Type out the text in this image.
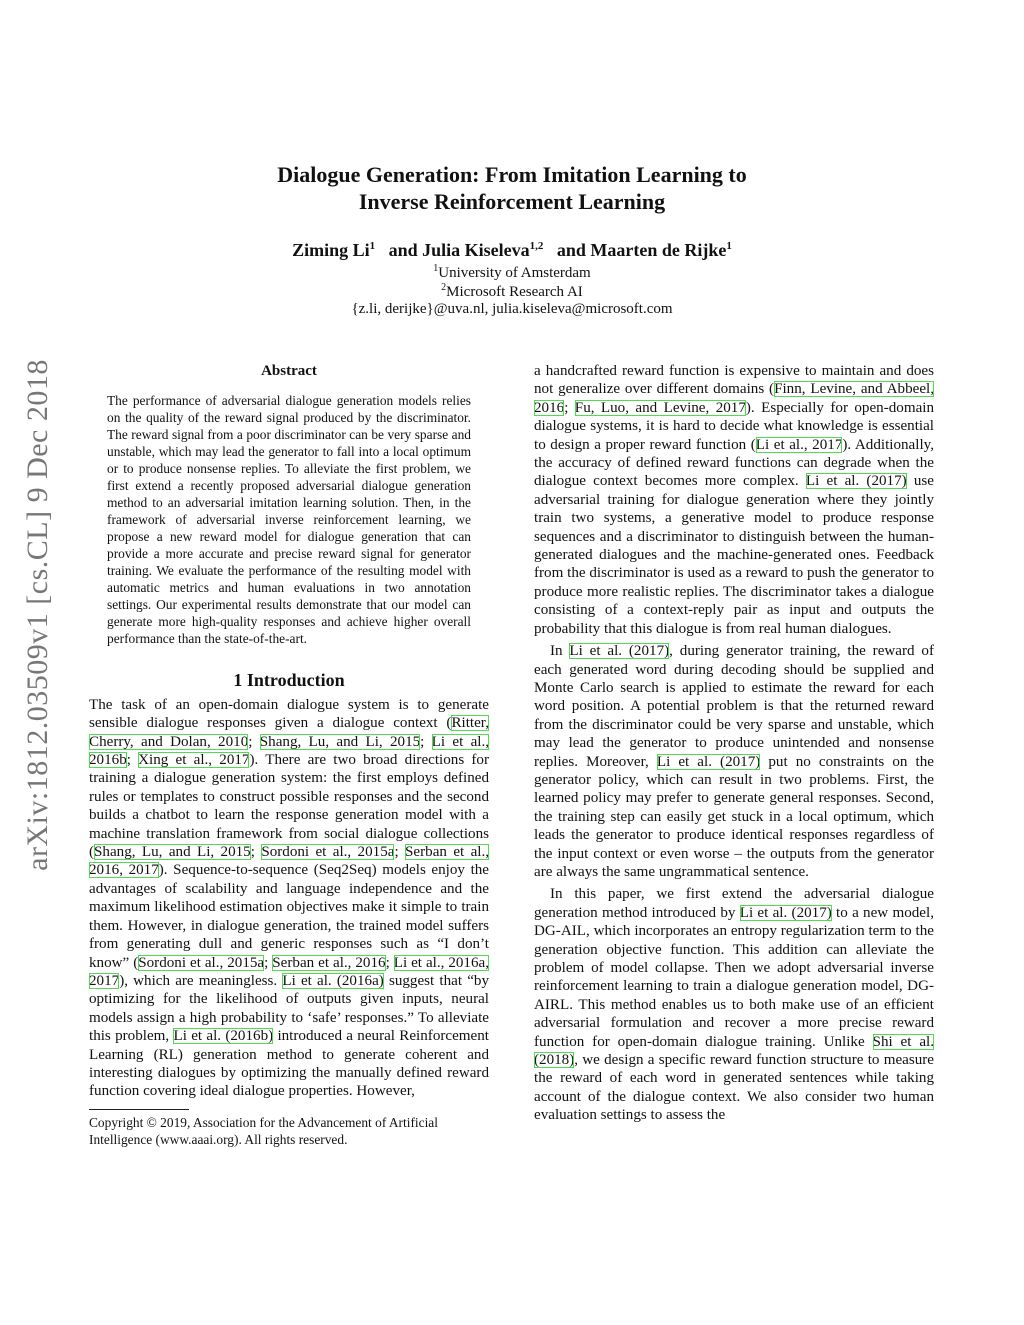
arXiv:1812.03509v1 [cs.CL] 9 Dec 2018
Dialogue Generation: From Imitation Learning to
Inverse Reinforcement Learning
Ziming Li$^1$ and Julia Kiseleva$^{1,2}$ and Maarten de Rijke$^1$
$^1$University of Amsterdam
$^2$Microsoft Research AI
{z.li, derijke}@uva.nl, julia.kiseleva@microsoft.com
Abstract
The performance of adversarial dialogue generation models relies on the quality of the reward signal produced by the discriminator. The reward signal from a poor discriminator can be very sparse and unstable, which may lead the generator to fall into a local optimum or to produce nonsense replies. To alleviate the first problem, we first extend a recently proposed adversarial dialogue generation method to an adversarial imitation learning solution. Then, in the framework of adversarial inverse reinforcement learning, we propose a new reward model for dialogue generation that can provide a more accurate and precise reward signal for generator training. We evaluate the performance of the resulting model with automatic metrics and human evaluations in two annotation settings. Our experimental results demonstrate that our model can generate more high-quality responses and achieve higher overall performance than the state-of-the-art.
1 Introduction

The task of an open-domain dialogue system is to generate sensible dialogue responses given a dialogue context (Ritter, Cherry, and Dolan, 2010; Shang, Lu, and Li, 2015; Li et al., 2016b; Xing et al., 2017). There are two broad directions for training a dialogue generation system: the first employs defined rules or templates to construct possible responses and the second builds a chatbot to learn the response generation model with a machine translation framework from social dialogue collections (Shang, Lu, and Li, 2015; Sordoni et al., 2015a; Serban et al., 2016, 2017). Sequence-to-sequence (Seq2Seq) models enjoy the advantages of scalability and language independence and the maximum likelihood estimation objectives make it simple to train them. However, in dialogue generation, the trained model suffers from generating dull and generic responses such as “I don’t know” (Sordoni et al., 2015a; Serban et al., 2016; Li et al., 2016a, 2017), which are meaningless. Li et al. (2016a) suggest that “by optimizing for the likelihood of outputs given inputs, neural models assign a high probability to ‘safe’ responses.” To alleviate this problem, Li et al. (2016b) introduced a neural Reinforcement Learning (RL) generation method to generate coherent and interesting dialogues by optimizing the manually defined reward function covering ideal dialogue properties. However,

Copyright © 2019, Association for the Advancement of Artificial Intelligence (www.aaai.org). All rights reserved.

a handcrafted reward function is expensive to maintain and does not generalize over different domains (Finn, Levine, and Abbeel, 2016; Fu, Luo, and Levine, 2017). Especially for open-domain dialogue systems, it is hard to decide what knowledge is essential to design a proper reward function (Li et al., 2017). Additionally, the accuracy of defined reward functions can degrade when the dialogue context becomes more complex. Li et al. (2017) use adversarial training for dialogue generation where they jointly train two systems, a generative model to produce response sequences and a discriminator to distinguish between the human-generated dialogues and the machine-generated ones. Feedback from the discriminator is used as a reward to push the generator to produce more realistic replies. The discriminator takes a dialogue consisting of a context-reply pair as input and outputs the probability that this dialogue is from real human dialogues.

In Li et al. (2017), during generator training, the reward of each generated word during decoding should be supplied and Monte Carlo search is applied to estimate the reward for each word position. A potential problem is that the returned reward from the discriminator could be very sparse and unstable, which may lead the generator to produce unintended and nonsense replies. Moreover, Li et al. (2017) put no constraints on the generator policy, which can result in two problems. First, the learned policy may prefer to generate general responses. Second, the training step can easily get stuck in a local optimum, which leads the generator to produce identical responses regardless of the input context or even worse – the outputs from the generator are always the same ungrammatical sentence.

In this paper, we first extend the adversarial dialogue generation method introduced by Li et al. (2017) to a new model, DG-AIL, which incorporates an entropy regularization term to the generation objective function. This addition can alleviate the problem of model collapse. Then we adopt adversarial inverse reinforcement learning to train a dialogue generation model, DG-AIRL. This method enables us to both make use of an efficient adversarial formulation and recover a more precise reward function for open-domain dialogue training. Unlike Shi et al. (2018), we design a specific reward function structure to measure the reward of each word in generated sentences while taking account of the dialogue context. We also consider two human evaluation settings to assess the
